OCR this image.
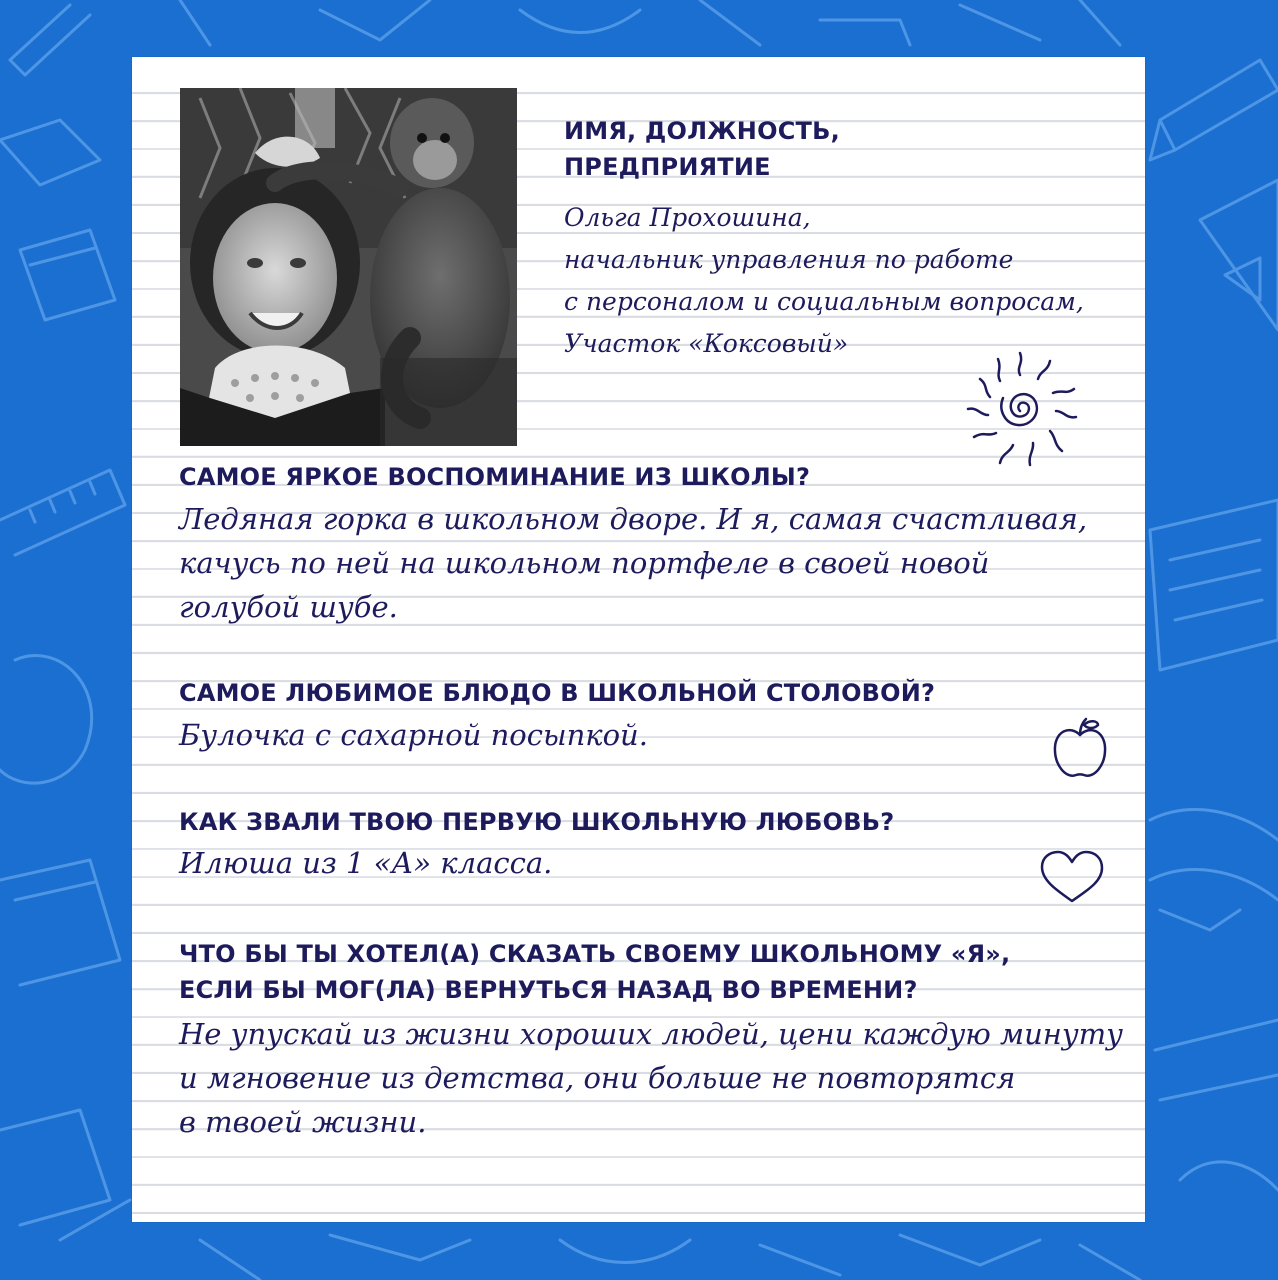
ИМЯ, ДОЛЖНОСТЬ,
ПРЕДПРИЯТИЕ
Ольга Прохошина,
начальник управления по работе
с персоналом и социальным вопросам,
Участок «Коксовый»
САМОЕ ЯРКОЕ ВОСПОМИНАНИЕ ИЗ ШКОЛЫ?
Ледяная горка в школьном дворе. И я, самая счастливая,
качусь по ней на школьном портфеле в своей новой
голубой шубе.
САМОЕ ЛЮБИМОЕ БЛЮДО В ШКОЛЬНОЙ СТОЛОВОЙ?
Булочка с сахарной посыпкой.
КАК ЗВАЛИ ТВОЮ ПЕРВУЮ ШКОЛЬНУЮ ЛЮБОВЬ?
Илюша из 1 «А» класса.
ЧТО БЫ ТЫ ХОТЕЛ(А) СКАЗАТЬ СВОЕМУ ШКОЛЬНОМУ «Я»,
ЕСЛИ БЫ МОГ(ЛА) ВЕРНУТЬСЯ НАЗАД ВО ВРЕМЕНИ?
Не упускай из жизни хороших людей, цени каждую минуту
и мгновение из детства, они больше не повторятся
в твоей жизни.
